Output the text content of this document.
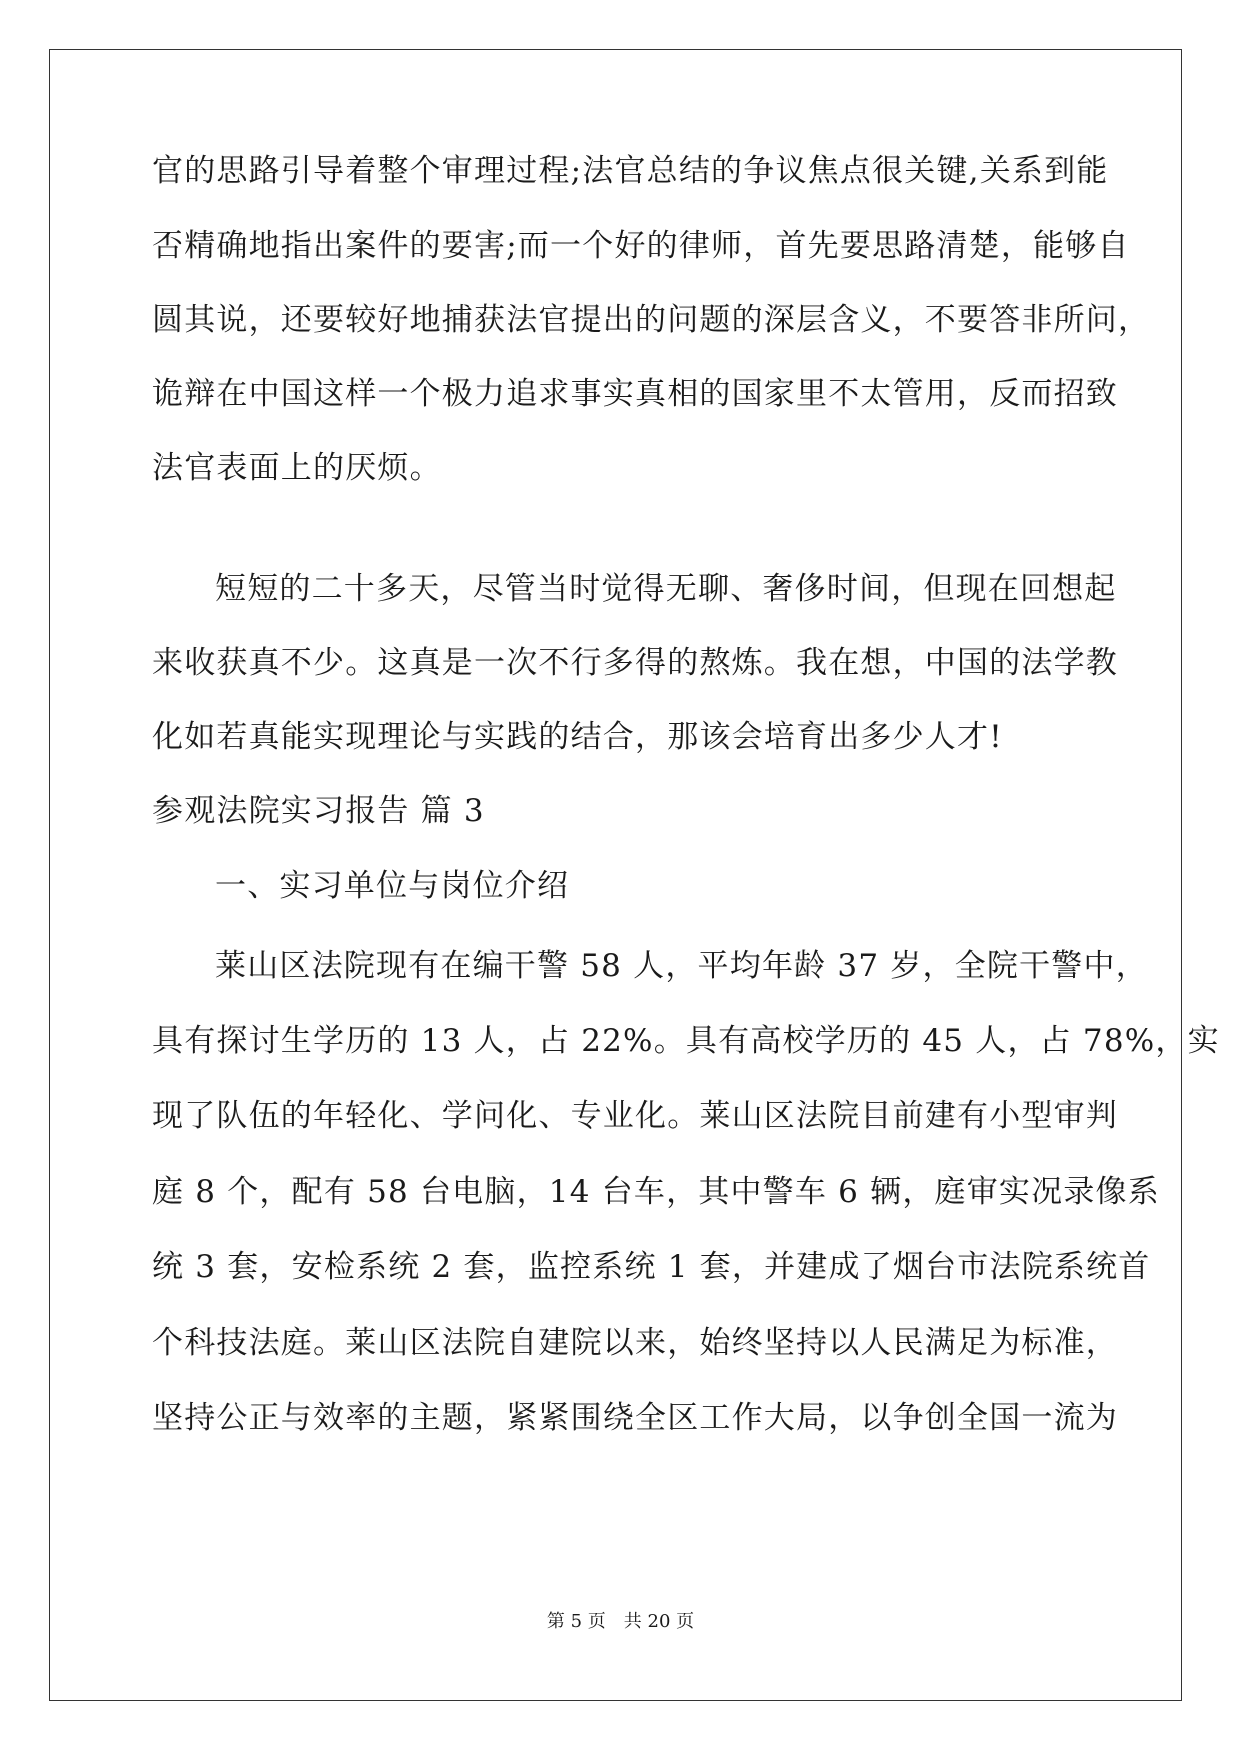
官的思路引导着整个审理过程;法官总结的争议焦点很关键,关系到能
否精确地指出案件的要害;而一个好的律师，首先要思路清楚，能够自
圆其说，还要较好地捕获法官提出的问题的深层含义，不要答非所问，
诡辩在中国这样一个极力追求事实真相的国家里不太管用，反而招致
法官表面上的厌烦。
短短的二十多天，尽管当时觉得无聊、奢侈时间，但现在回想起
来收获真不少。这真是一次不行多得的熬炼。我在想，中国的法学教
化如若真能实现理论与实践的结合，那该会培育出多少人才!
参观法院实习报告 篇 3
一、实习单位与岗位介绍
莱山区法院现有在编干警 58 人，平均年龄 37 岁，全院干警中，
具有探讨生学历的 13 人，占 22%。具有高校学历的 45 人，占 78%，实
现了队伍的年轻化、学问化、专业化。莱山区法院目前建有小型审判
庭 8 个，配有 58 台电脑，14 台车，其中警车 6 辆，庭审实况录像系
统 3 套，安检系统 2 套，监控系统 1 套，并建成了烟台市法院系统首
个科技法庭。莱山区法院自建院以来，始终坚持以人民满足为标准，
坚持公正与效率的主题，紧紧围绕全区工作大局，以争创全国一流为
第 5 页　共 20 页
